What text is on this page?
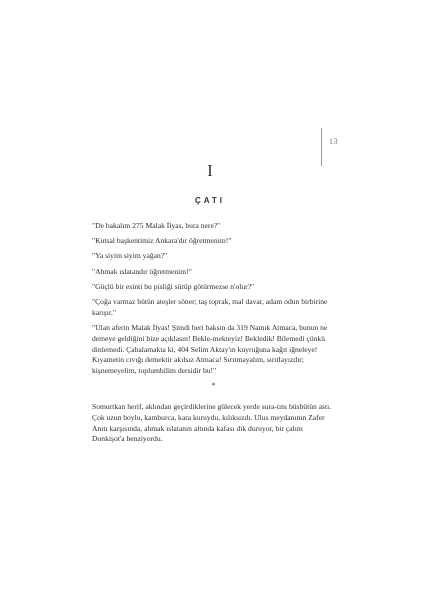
13
I
ÇATI

"De bakalım 275 Malak İlyas, bura nere?"

"Kutsal başkentimiz Ankara'dır öğretmenim!"

"Ya siyim siyim yağan?"

"Ahmak ıslatandır öğretmenim!"

"Güçlü bir esinti bu pisliği sürüp götürmezse n'olur?"

"Çoğa varmaz bütün ateşler söner; taş toprak, mal davar, adam odun birbirine karışır."

"Ulan aferin Malak İlyas! Şimdi beri baksın da 319 Namık Atmaca, bunun ne demeye geldiğini bize açıklasın! Bekle-mekteyiz! Bekledik! Bilemedi çünkü dinlemedi. Çabalamakta ki, 404 Selim Aktay'ın kuyruğuna kağıt iğneleye! Kıyametin cıvığı demektir akılsız Atmaca! Sırıtmayalım, sırıtlayızdır; kişnemeyelim, toplumbilim dersidir bu!"

*

Somurtkan herif, aklından geçirdiklerine gülecek yerde sura-tını büsbütün astı. Çok uzun boylu, kamburca, kara kuruydu, kılıksızdı. Ulus meydanının Zafer Anıtı karşısında, ahmak ıslatanın altında kafası dik duruyor, bir çalım Donkişot'a benziyordu.
